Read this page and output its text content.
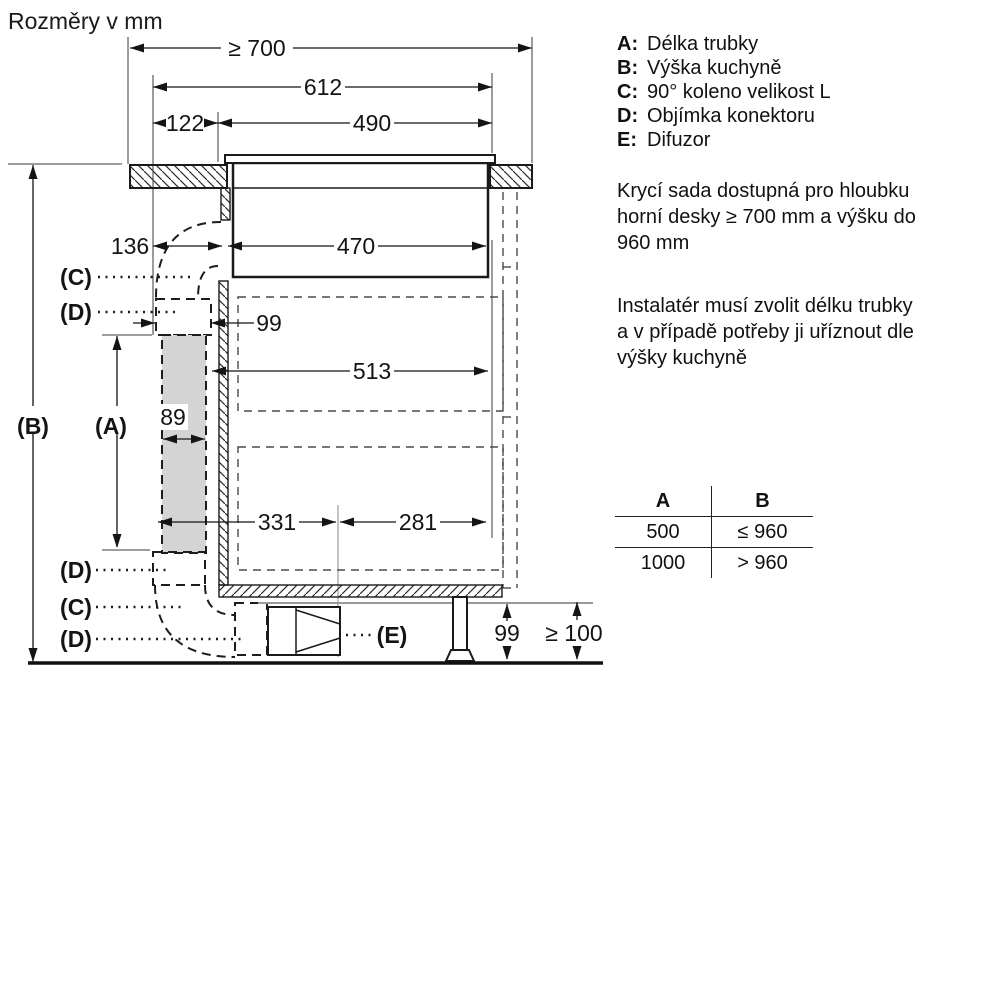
Rozměry v mm
≥ 700
612
122	490
136	470
99
513
89
331	281
99 ≥ 100
(B) (A)
(C)
(D)
(D)
(C)
(D)	(E)
A: Délka trubky
B: Výška kuchyně
C: 90° koleno velikost L
D: Objímka konektoru
E: Difuzor
Krycí sada dostupná pro hloubku
horní desky ≥ 700 mm a výšku do
960 mm
Instalatér musí zvolit délku trubky
a v případě potřeby ji uříznout dle
výšky kuchyně
A	B
500	≤ 960
1000	> 960
